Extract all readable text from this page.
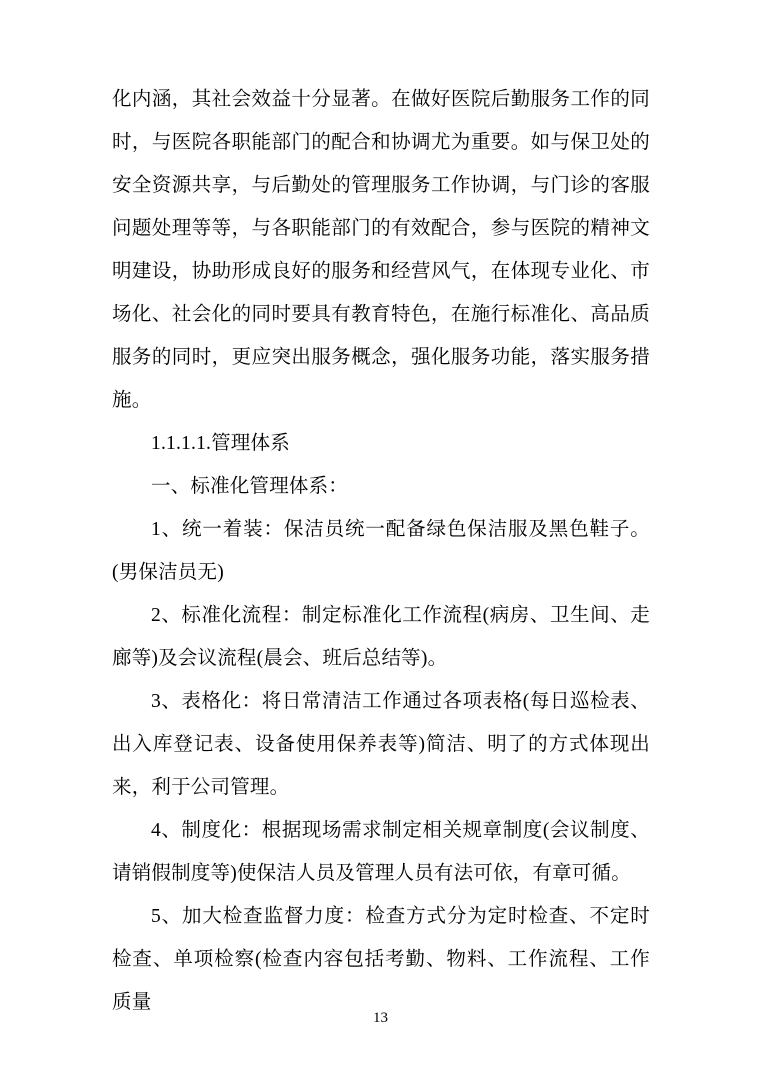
化内涵，其社会效益十分显著。在做好医院后勤服务工作的同时，与医院各职能部门的配合和协调尤为重要。如与保卫处的安全资源共享，与后勤处的管理服务工作协调，与门诊的客服问题处理等等，与各职能部门的有效配合，参与医院的精神文明建设，协助形成良好的服务和经营风气，在体现专业化、市场化、社会化的同时要具有教育特色，在施行标准化、高品质服务的同时，更应突出服务概念，强化服务功能，落实服务措施。

1.1.1.1.管理体系

一、标准化管理体系：

1、统一着装：保洁员统一配备绿色保洁服及黑色鞋子。(男保洁员无)

2、标准化流程：制定标准化工作流程(病房、卫生间、走廊等)及会议流程(晨会、班后总结等)。

3、表格化：将日常清洁工作通过各项表格(每日巡检表、出入库登记表、设备使用保养表等)简洁、明了的方式体现出来，利于公司管理。

4、制度化：根据现场需求制定相关规章制度(会议制度、请销假制度等)使保洁人员及管理人员有法可依，有章可循。

5、加大检查监督力度：检查方式分为定时检查、不定时检查、单项检察(检查内容包括考勤、物料、工作流程、工作质量

13
